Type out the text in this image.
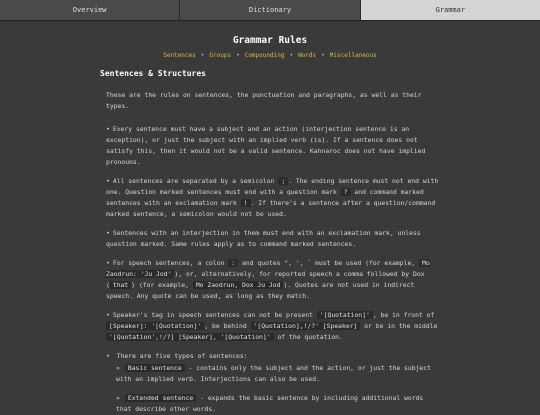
Overview	Dictionary	Grammar
Grammar Rules
Sentences • Groups • Compounding • Words • Miscellaneous
Sentences & Structures

These are the rules on sentences, the punctuation and paragraphs, as well as their types.

• Every sentence must have a subject and an action (interjection sentence is an exception), or just the subject with an implied verb (is). If a sentence does not satisfy this, then it would not be a valid sentence. Kahnaroc does not have implied pronouns.
• All sentences are separated by a semicolon ; . The ending sentence must not end with one. Question marked sentences must end with a question mark ? and command marked sentences with an exclamation mark ! . If there's a sentence after a question/command marked sentence, a semicolon would not be used.
• Sentences with an interjection in them must end with an exclamation mark, unless question marked. Same rules apply as to command marked sentences.
• For speech sentences, a colon : and quotes ", ', ` must be used (for example, Mo Zaodrun: 'Ju Jod' ), or, alternatively, for reported speech a comma followed by Dox ( that ) (for example, Mo Zaodrun, Dox Ju Jod ). Quotes are not used in indirect speech. Any quote can be used, as long as they match.
• Speaker's tag in speech sentences can not be present '[Quotation]' , be in front of [Speaker]: '[Quotation]' , be behind '[Quotation],!/?' [Speaker] or be in the middle '[Quotation',!/?] [Speaker], '[Quotation]' of the quotation.
• There are five types of sentences:
» Basic sentence - contains only the subject and the action, or just the subject with an implied verb. Interjections can also be used.
» Extended sentence - expands the basic sentence by including additional words that describe other words.
